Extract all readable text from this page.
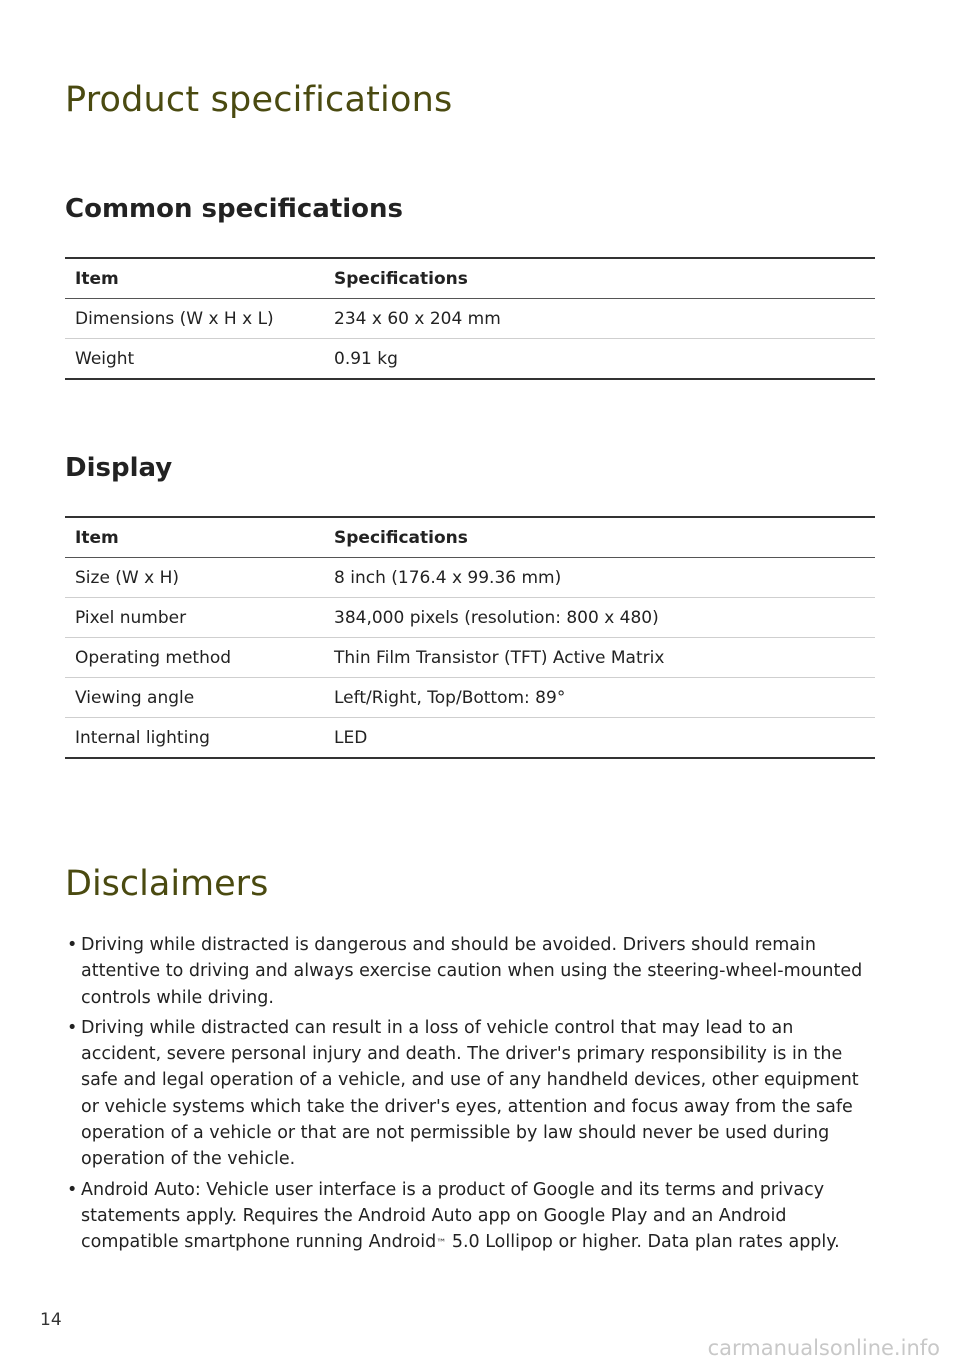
Product specifications
Common specifications
Item	Specifications
Dimensions (W x H x L)	234 x 60 x 204 mm
Weight	0.91 kg
Display
Item	Specifications
Size (W x H)	8 inch (176.4 x 99.36 mm)
Pixel number	384,000 pixels (resolution: 800 x 480)
Operating method	Thin Film Transistor (TFT) Active Matrix
Viewing angle	Left/Right, Top/Bottom: 89°
Internal lighting	LED
Disclaimers
• Driving while distracted is dangerous and should be avoided. Drivers should remain attentive to driving and always exercise caution when using the steering-wheel-mounted controls while driving.
• Driving while distracted can result in a loss of vehicle control that may lead to an accident, severe personal injury and death. The driver's primary responsibility is in the safe and legal operation of a vehicle, and use of any handheld devices, other equipment or vehicle systems which take the driver's eyes, attention and focus away from the safe operation of a vehicle or that are not permissible by law should never be used during operation of the vehicle.
• Android Auto: Vehicle user interface is a product of Google and its terms and privacy statements apply. Requires the Android Auto app on Google Play and an Android compatible smartphone running Android™ 5.0 Lollipop or higher. Data plan rates apply.
14
carmanualsonline.info
